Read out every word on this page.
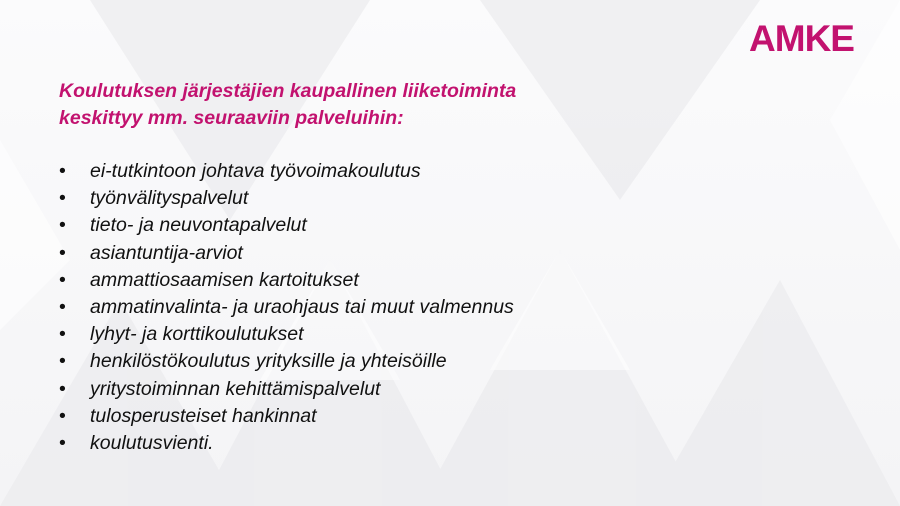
AMKE
Koulutuksen järjestäjien kaupallinen liiketoiminta
keskittyy mm. seuraaviin palveluihin:
• ei-tutkintoon johtava työvoimakoulutus
• työnvälityspalvelut
• tieto- ja neuvontapalvelut
• asiantuntija-arviot
• ammattiosaamisen kartoitukset
• ammatinvalinta- ja uraohjaus tai muut valmennus
• lyhyt- ja korttikoulutukset
• henkilöstökoulutus yrityksille ja yhteisöille
• yritystoiminnan kehittämispalvelut
• tulosperusteiset hankinnat
• koulutusvienti.
